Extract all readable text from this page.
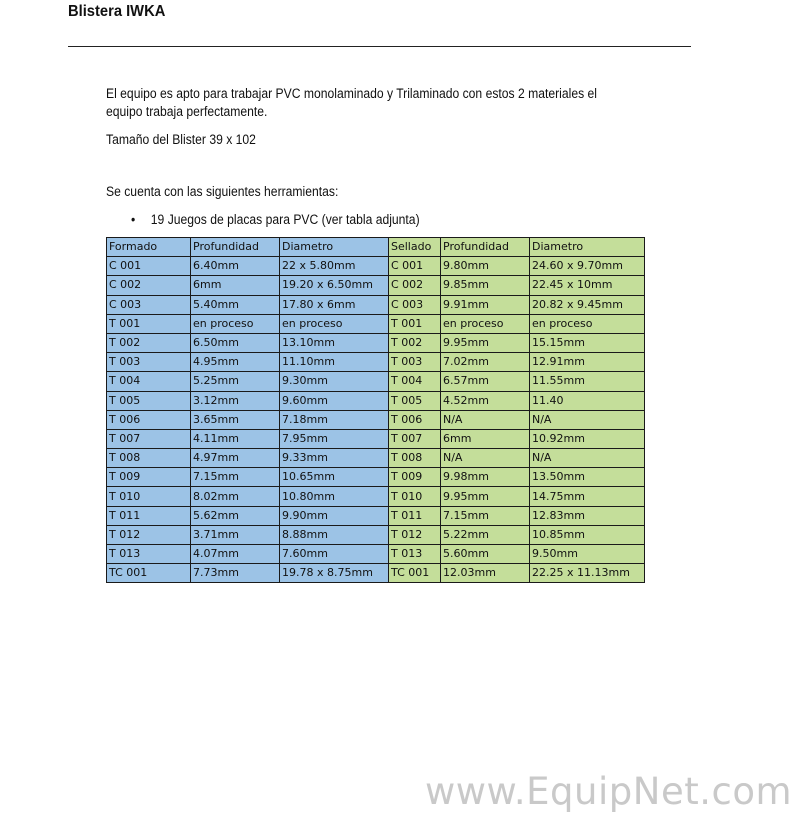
Blistera IWKA
El equipo es apto para trabajar PVC monolaminado y Trilaminado con estos 2 materiales el
equipo trabaja perfectamente.
Tamaño del Blister 39 x 102
Se cuenta con las siguientes herramientas:
• 19 Juegos de placas para PVC (ver tabla adjunta)
Formado	Profundidad	Diametro	Sellado	Profundidad	Diametro
C 001	6.40mm	22 x 5.80mm	C 001	9.80mm	24.60 x 9.70mm
C 002	6mm	19.20 x 6.50mm	C 002	9.85mm	22.45 x 10mm
C 003	5.40mm	17.80 x 6mm	C 003	9.91mm	20.82 x 9.45mm
T 001	en proceso	en proceso	T 001	en proceso	en proceso
T 002	6.50mm	13.10mm	T 002	9.95mm	15.15mm
T 003	4.95mm	11.10mm	T 003	7.02mm	12.91mm
T 004	5.25mm	9.30mm	T 004	6.57mm	11.55mm
T 005	3.12mm	9.60mm	T 005	4.52mm	11.40
T 006	3.65mm	7.18mm	T 006	N/A	N/A
T 007	4.11mm	7.95mm	T 007	6mm	10.92mm
T 008	4.97mm	9.33mm	T 008	N/A	N/A
T 009	7.15mm	10.65mm	T 009	9.98mm	13.50mm
T 010	8.02mm	10.80mm	T 010	9.95mm	14.75mm
T 011	5.62mm	9.90mm	T 011	7.15mm	12.83mm
T 012	3.71mm	8.88mm	T 012	5.22mm	10.85mm
T 013	4.07mm	7.60mm	T 013	5.60mm	9.50mm
TC 001	7.73mm	19.78 x 8.75mm	TC 001	12.03mm	22.25 x 11.13mm
www.EquipNet.com
